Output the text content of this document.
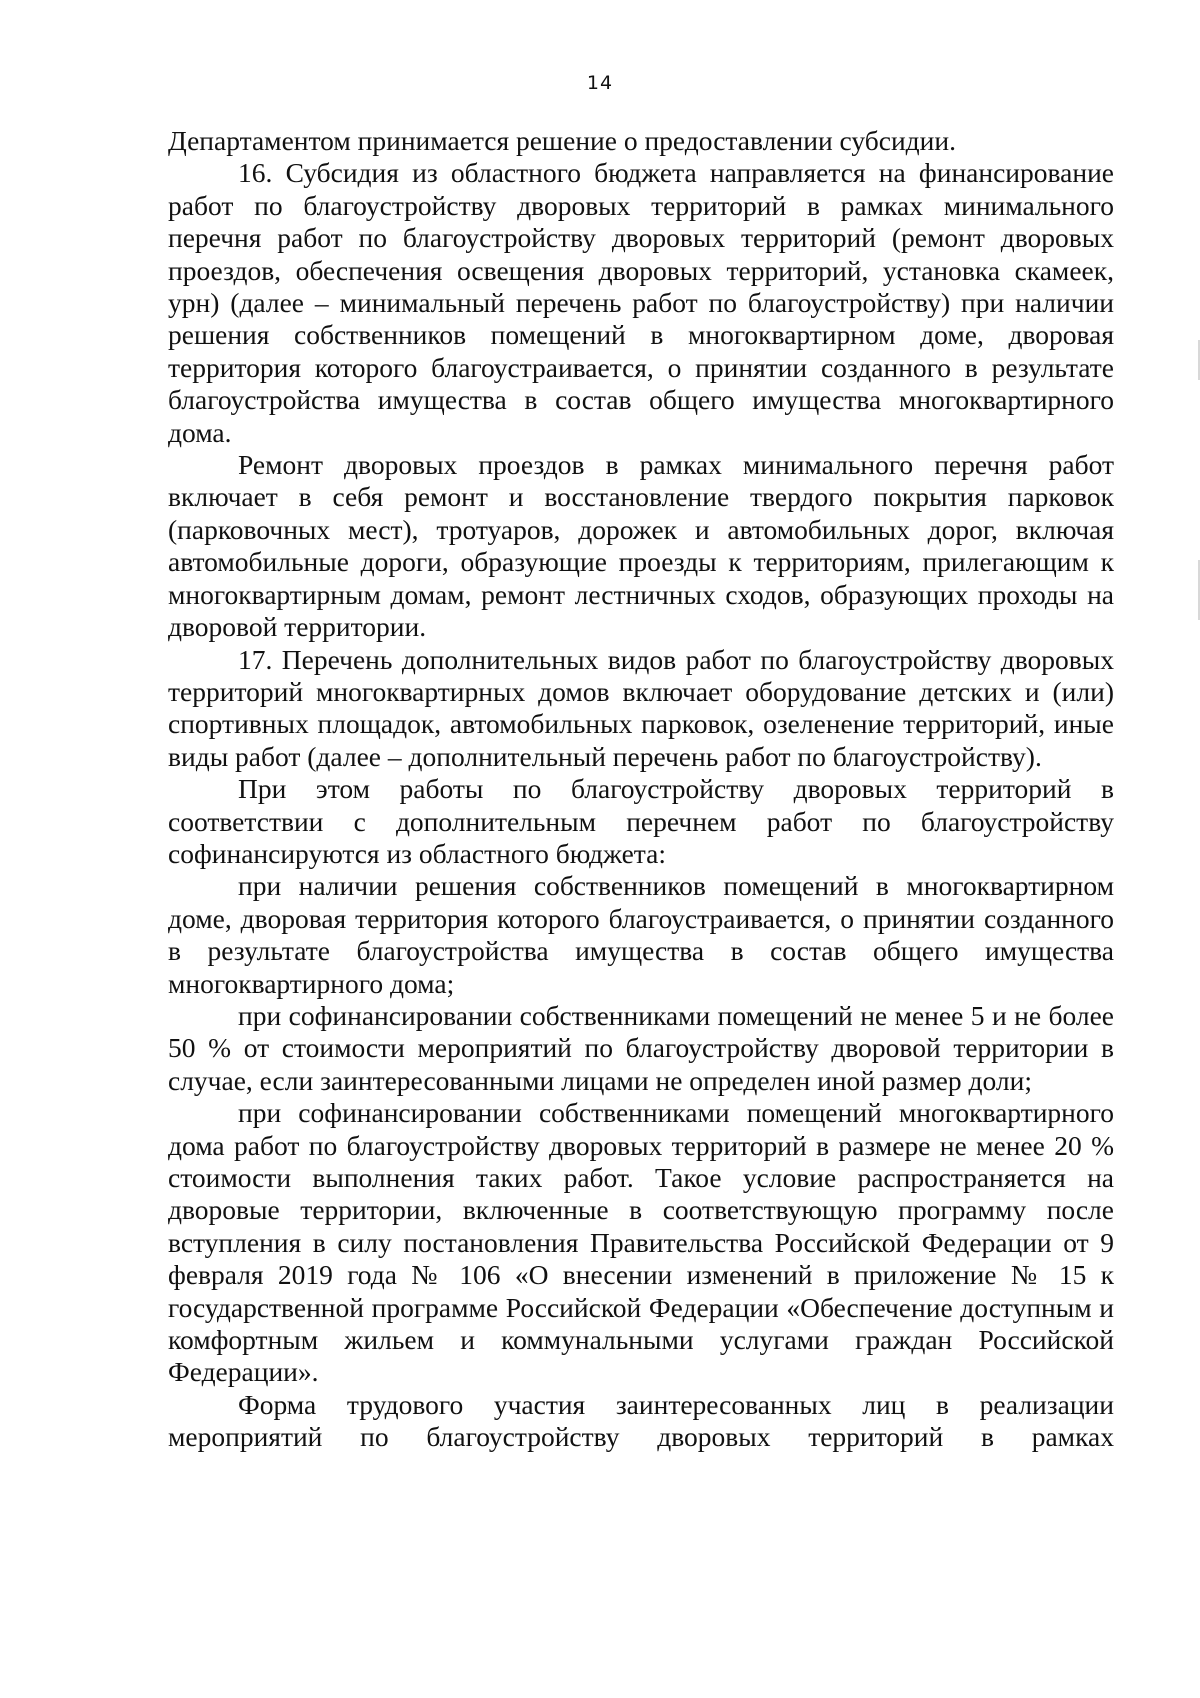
14

Департаментом принимается решение о предоставлении субсидии.

16. Субсидия из областного бюджета направляется на финансирование работ по благоустройству дворовых территорий в рамках минимального перечня работ по благоустройству дворовых территорий (ремонт дворовых проездов, обеспечения освещения дворовых территорий, установка скамеек, урн) (далее – минимальный перечень работ по благоустройству) при наличии решения собственников помещений в многоквартирном доме, дворовая территория которого благоустраивается, о принятии созданного в результате благоустройства имущества в состав общего имущества многоквартирного дома.

Ремонт дворовых проездов в рамках минимального перечня работ включает в себя ремонт и восстановление твердого покрытия парковок (парковочных мест), тротуаров, дорожек и автомобильных дорог, включая автомобильные дороги, образующие проезды к территориям, прилегающим к многоквартирным домам, ремонт лестничных сходов, образующих проходы на дворовой территории.

17. Перечень дополнительных видов работ по благоустройству дворовых территорий многоквартирных домов включает оборудование детских и (или) спортивных площадок, автомобильных парковок, озеленение территорий, иные виды работ (далее – дополнительный перечень работ по благоустройству).

При этом работы по благоустройству дворовых территорий в соответствии с дополнительным перечнем работ по благоустройству софинансируются из областного бюджета:

при наличии решения собственников помещений в многоквартирном доме, дворовая территория которого благоустраивается, о принятии созданного в результате благоустройства имущества в состав общего имущества многоквартирного дома;

при софинансировании собственниками помещений не менее 5 и не более 50 % от стоимости мероприятий по благоустройству дворовой территории в случае, если заинтересованными лицами не определен иной размер доли;

при софинансировании собственниками помещений многоквартирного дома работ по благоустройству дворовых территорий в размере не менее 20 % стоимости выполнения таких работ. Такое условие распространяется на дворовые территории, включенные в соответствующую программу после вступления в силу постановления Правительства Российской Федерации от 9 февраля 2019 года № 106 «О внесении изменений в приложение № 15 к государственной программе Российской Федерации «Обеспечение доступным и комфортным жильем и коммунальными услугами граждан Российской Федерации».

Форма трудового участия заинтересованных лиц в реализации мероприятий по благоустройству дворовых территорий в рамках
